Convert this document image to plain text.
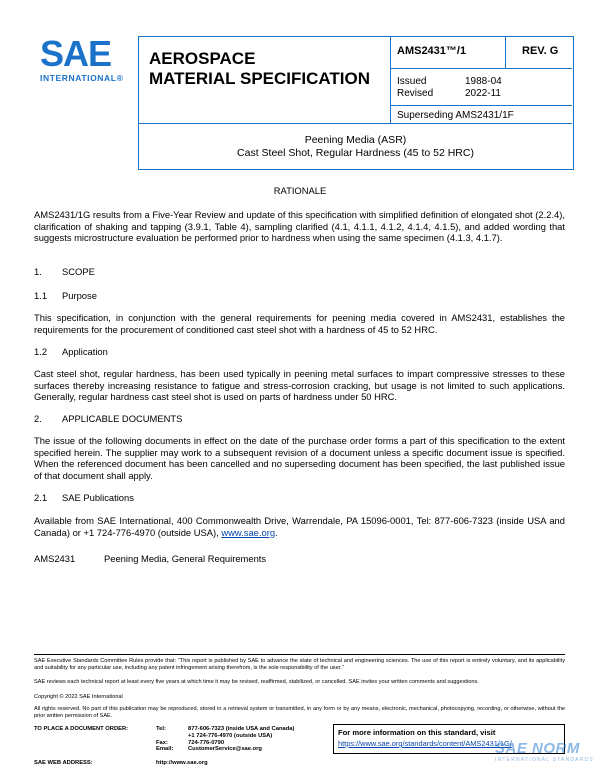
SAE
INTERNATIONAL®
AEROSPACE
MATERIAL SPECIFICATION
AMS2431™/1	REV. G
Issued	1988-04
Revised	2022-11
Superseding AMS2431/1F
Peening Media (ASR)
Cast Steel Shot, Regular Hardness (45 to 52 HRC)
RATIONALE
AMS2431/1G results from a Five-Year Review and update of this specification with simplified definition of elongated shot (2.2.4), clarification of shaking and tapping (3.9.1, Table 4), sampling clarified (4.1, 4.1.1, 4.1.2, 4.1.4, 4.1.5), and added wording that suggests microstructure evaluation be performed prior to hardness when using the same specimen (4.1.3, 4.1.7).
1. SCOPE
1.1 Purpose
This specification, in conjunction with the general requirements for peening media covered in AMS2431, establishes the requirements for the procurement of conditioned cast steel shot with a hardness of 45 to 52 HRC.
1.2 Application
Cast steel shot, regular hardness, has been used typically in peening metal surfaces to impart compressive stresses to these surfaces thereby increasing resistance to fatigue and stress-corrosion cracking, but usage is not limited to such applications. Generally, regular hardness cast steel shot is used on parts of hardness under 50 HRC.
2. APPLICABLE DOCUMENTS
The issue of the following documents in effect on the date of the purchase order forms a part of this specification to the extent specified herein. The supplier may work to a subsequent revision of a document unless a specific document issue is specified. When the referenced document has been cancelled and no superseding document has been specified, the last published issue of that document shall apply.
2.1 SAE Publications
Available from SAE International, 400 Commonwealth Drive, Warrendale, PA 15096-0001, Tel: 877-606-7323 (inside USA and Canada) or +1 724-776-4970 (outside USA), www.sae.org.
AMS2431	Peening Media, General Requirements
SAE Executive Standards Committee Rules provide that: “This report is published by SAE to advance the state of technical and engineering sciences. The use of this report is entirely voluntary, and its applicability and suitability for any particular use, including any patent infringement arising therefrom, is the sole responsibility of the user.”
SAE reviews each technical report at least every five years at which time it may be revised, reaffirmed, stabilized, or cancelled. SAE invites your written comments and suggestions.
Copyright © 2022 SAE International
All rights reserved. No part of this publication may be reproduced, stored in a retrieval system or transmitted, in any form or by any means, electronic, mechanical, photocopying, recording, or otherwise, without the prior written permission of SAE.
TO PLACE A DOCUMENT ORDER:	Tel:	877-606-7323 (inside USA and Canada)
		+1 724-776-4970 (outside USA)
	Fax:	724-776-0790
	Email:	CustomerService@sae.org
SAE WEB ADDRESS:	http://www.sae.org
For more information on this standard, visit
https://www.sae.org/standards/content/AMS2431/1G/
SAE NORM
INTERNATIONAL STANDARDS
